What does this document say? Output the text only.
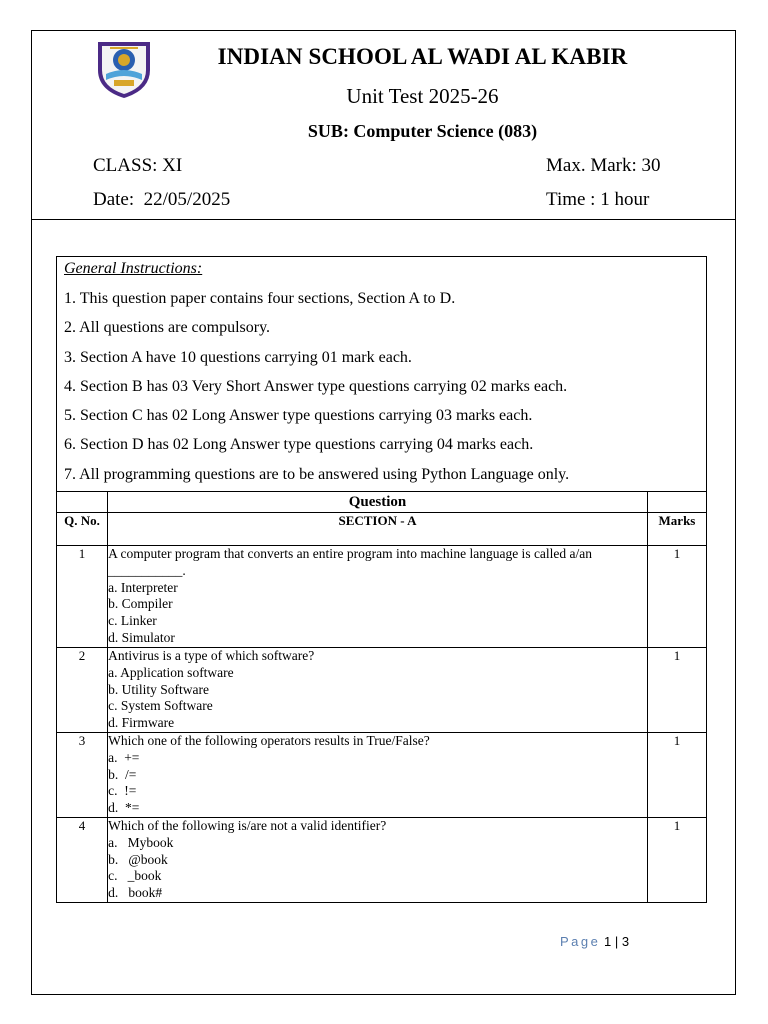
INDIAN SCHOOL AL WADI AL KABIR
Unit Test 2025-26
SUB: Computer Science (083)
CLASS: XI	Max. Mark: 30
Date:  22/05/2025	Time : 1 hour

General Instructions:

1. This question paper contains four sections, Section A to D.

2. All questions are compulsory.

3. Section A have 10 questions carrying 01 mark each.

4. Section B has 03 Very Short Answer type questions carrying 02 marks each.

5. Section C has 02 Long Answer type questions carrying 03 marks each.

6. Section D has 02 Long Answer type questions carrying 04 marks each.

7. All programming questions are to be answered using Python Language only.

	Question	
Q. No.	SECTION - A	Marks
1	A computer program that converts an entire program into machine language is called a/an ___________.
a. Interpreter
b. Compiler
c. Linker
d. Simulator	1
2	Antivirus is a type of which software?
a. Application software
b. Utility Software
c. System Software
d. Firmware	1
3	Which one of the following operators results in True/False?
a.  +=
b.  /=
c.  !=
d.  *=	1
4	Which of the following is/are not a valid identifier?
a.   Mybook
b.   @book
c.   _book
d.   book#	1
Page 1 | 3
